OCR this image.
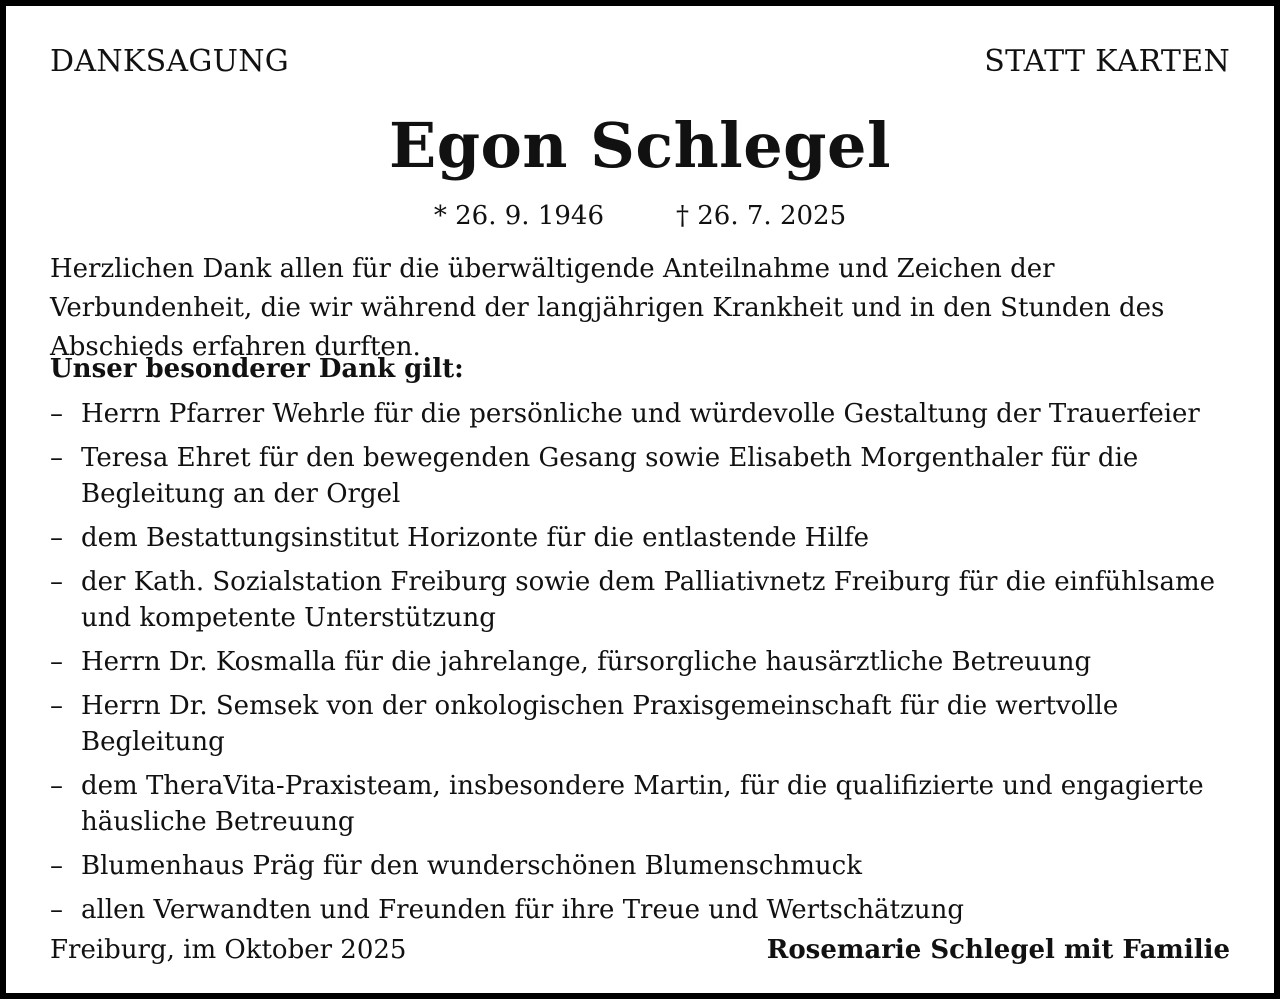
DANKSAGUNG	STATT KARTEN
Egon Schlegel
* 26. 9. 1946	† 26. 7. 2025
Herzlichen Dank allen für die überwältigende Anteilnahme und Zeichen der Verbundenheit, die wir während der langjährigen Krankheit und in den Stunden des Abschieds erfahren durften.
Unser besonderer Dank gilt:
– Herrn Pfarrer Wehrle für die persönliche und würdevolle Gestaltung der Trauerfeier
– Teresa Ehret für den bewegenden Gesang sowie Elisabeth Morgenthaler für die Begleitung an der Orgel
– dem Bestattungsinstitut Horizonte für die entlastende Hilfe
– der Kath. Sozialstation Freiburg sowie dem Palliativnetz Freiburg für die einfühlsame und kompetente Unterstützung
– Herrn Dr. Kosmalla für die jahrelange, fürsorgliche hausärztliche Betreuung
– Herrn Dr. Semsek von der onkologischen Praxisgemeinschaft für die wertvolle Begleitung
– dem TheraVita-Praxisteam, insbesondere Martin, für die qualifizierte und engagierte häusliche Betreuung
– Blumenhaus Präg für den wunderschönen Blumenschmuck
– allen Verwandten und Freunden für ihre Treue und Wertschätzung
Freiburg, im Oktober 2025	Rosemarie Schlegel mit Familie
